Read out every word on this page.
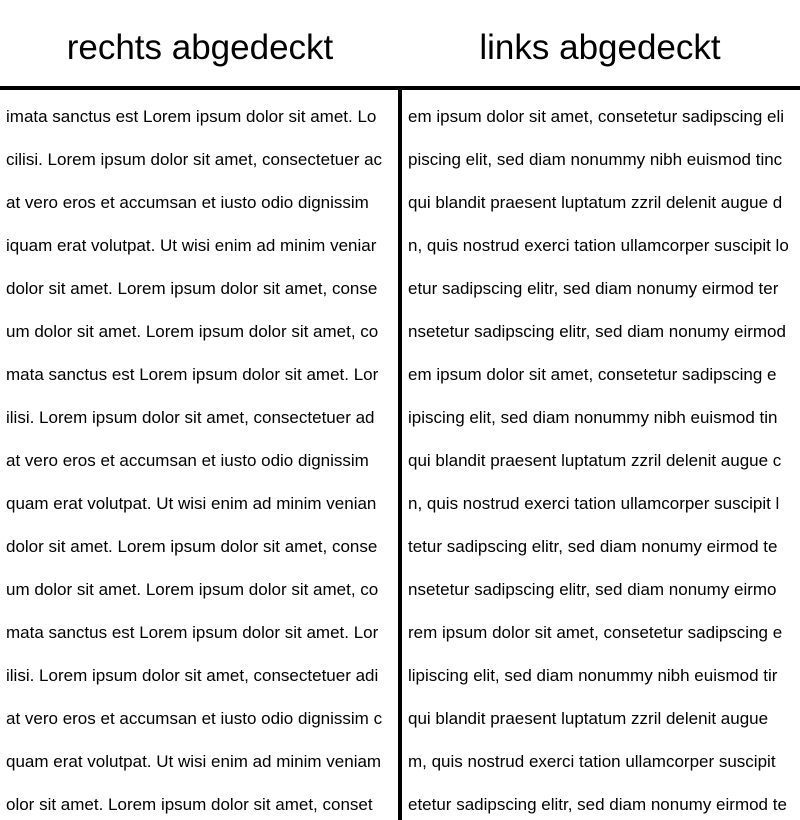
rechts abgedeckt	links abgedeckt
imata sanctus est Lorem ipsum dolor sit amet. Lo
cilisi. Lorem ipsum dolor sit amet, consectetuer ac
at vero eros et accumsan et iusto odio dignissim
iquam erat volutpat. Ut wisi enim ad minim veniar
dolor sit amet. Lorem ipsum dolor sit amet, conse
um dolor sit amet. Lorem ipsum dolor sit amet, co
mata sanctus est Lorem ipsum dolor sit amet. Lor
ilisi. Lorem ipsum dolor sit amet, consectetuer ad
at vero eros et accumsan et iusto odio dignissim
quam erat volutpat. Ut wisi enim ad minim venian
dolor sit amet. Lorem ipsum dolor sit amet, conse
um dolor sit amet. Lorem ipsum dolor sit amet, co
mata sanctus est Lorem ipsum dolor sit amet. Lor
ilisi. Lorem ipsum dolor sit amet, consectetuer adi
at vero eros et accumsan et iusto odio dignissim c
quam erat volutpat. Ut wisi enim ad minim veniam
olor sit amet. Lorem ipsum dolor sit amet, conset
em ipsum dolor sit amet, consetetur sadipscing eli
piscing elit, sed diam nonummy nibh euismod tinc
qui blandit praesent luptatum zzril delenit augue d
n, quis nostrud exerci tation ullamcorper suscipit lo
etur sadipscing elitr, sed diam nonumy eirmod ter
nsetetur sadipscing elitr, sed diam nonumy eirmod
em ipsum dolor sit amet, consetetur sadipscing e
ipiscing elit, sed diam nonummy nibh euismod tin
qui blandit praesent luptatum zzril delenit augue c
n, quis nostrud exerci tation ullamcorper suscipit l
tetur sadipscing elitr, sed diam nonumy eirmod te
nsetetur sadipscing elitr, sed diam nonumy eirmo
rem ipsum dolor sit amet, consetetur sadipscing e
lipiscing elit, sed diam nonummy nibh euismod tir
qui blandit praesent luptatum zzril delenit augue
m, quis nostrud exerci tation ullamcorper suscipit
etetur sadipscing elitr, sed diam nonumy eirmod te
